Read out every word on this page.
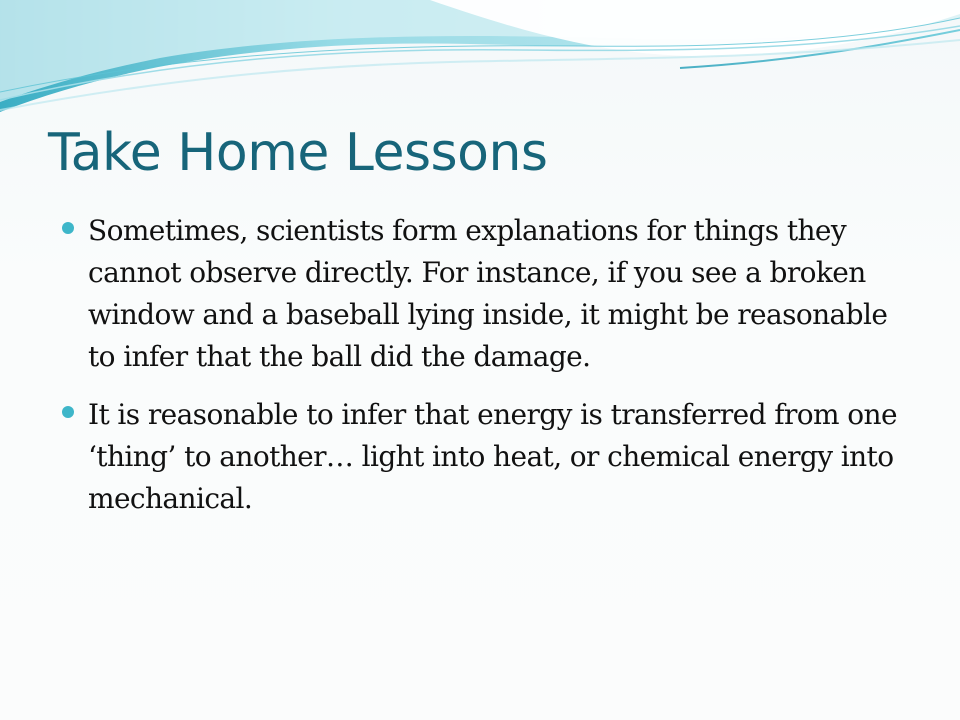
Take Home Lessons
Sometimes, scientists form explanations for things they cannot observe directly. For instance, if you see a broken window and a baseball lying inside, it might be reasonable to infer that the ball did the damage.
It is reasonable to infer that energy is transferred from one ‘thing’ to another… light into heat, or chemical energy into mechanical.
